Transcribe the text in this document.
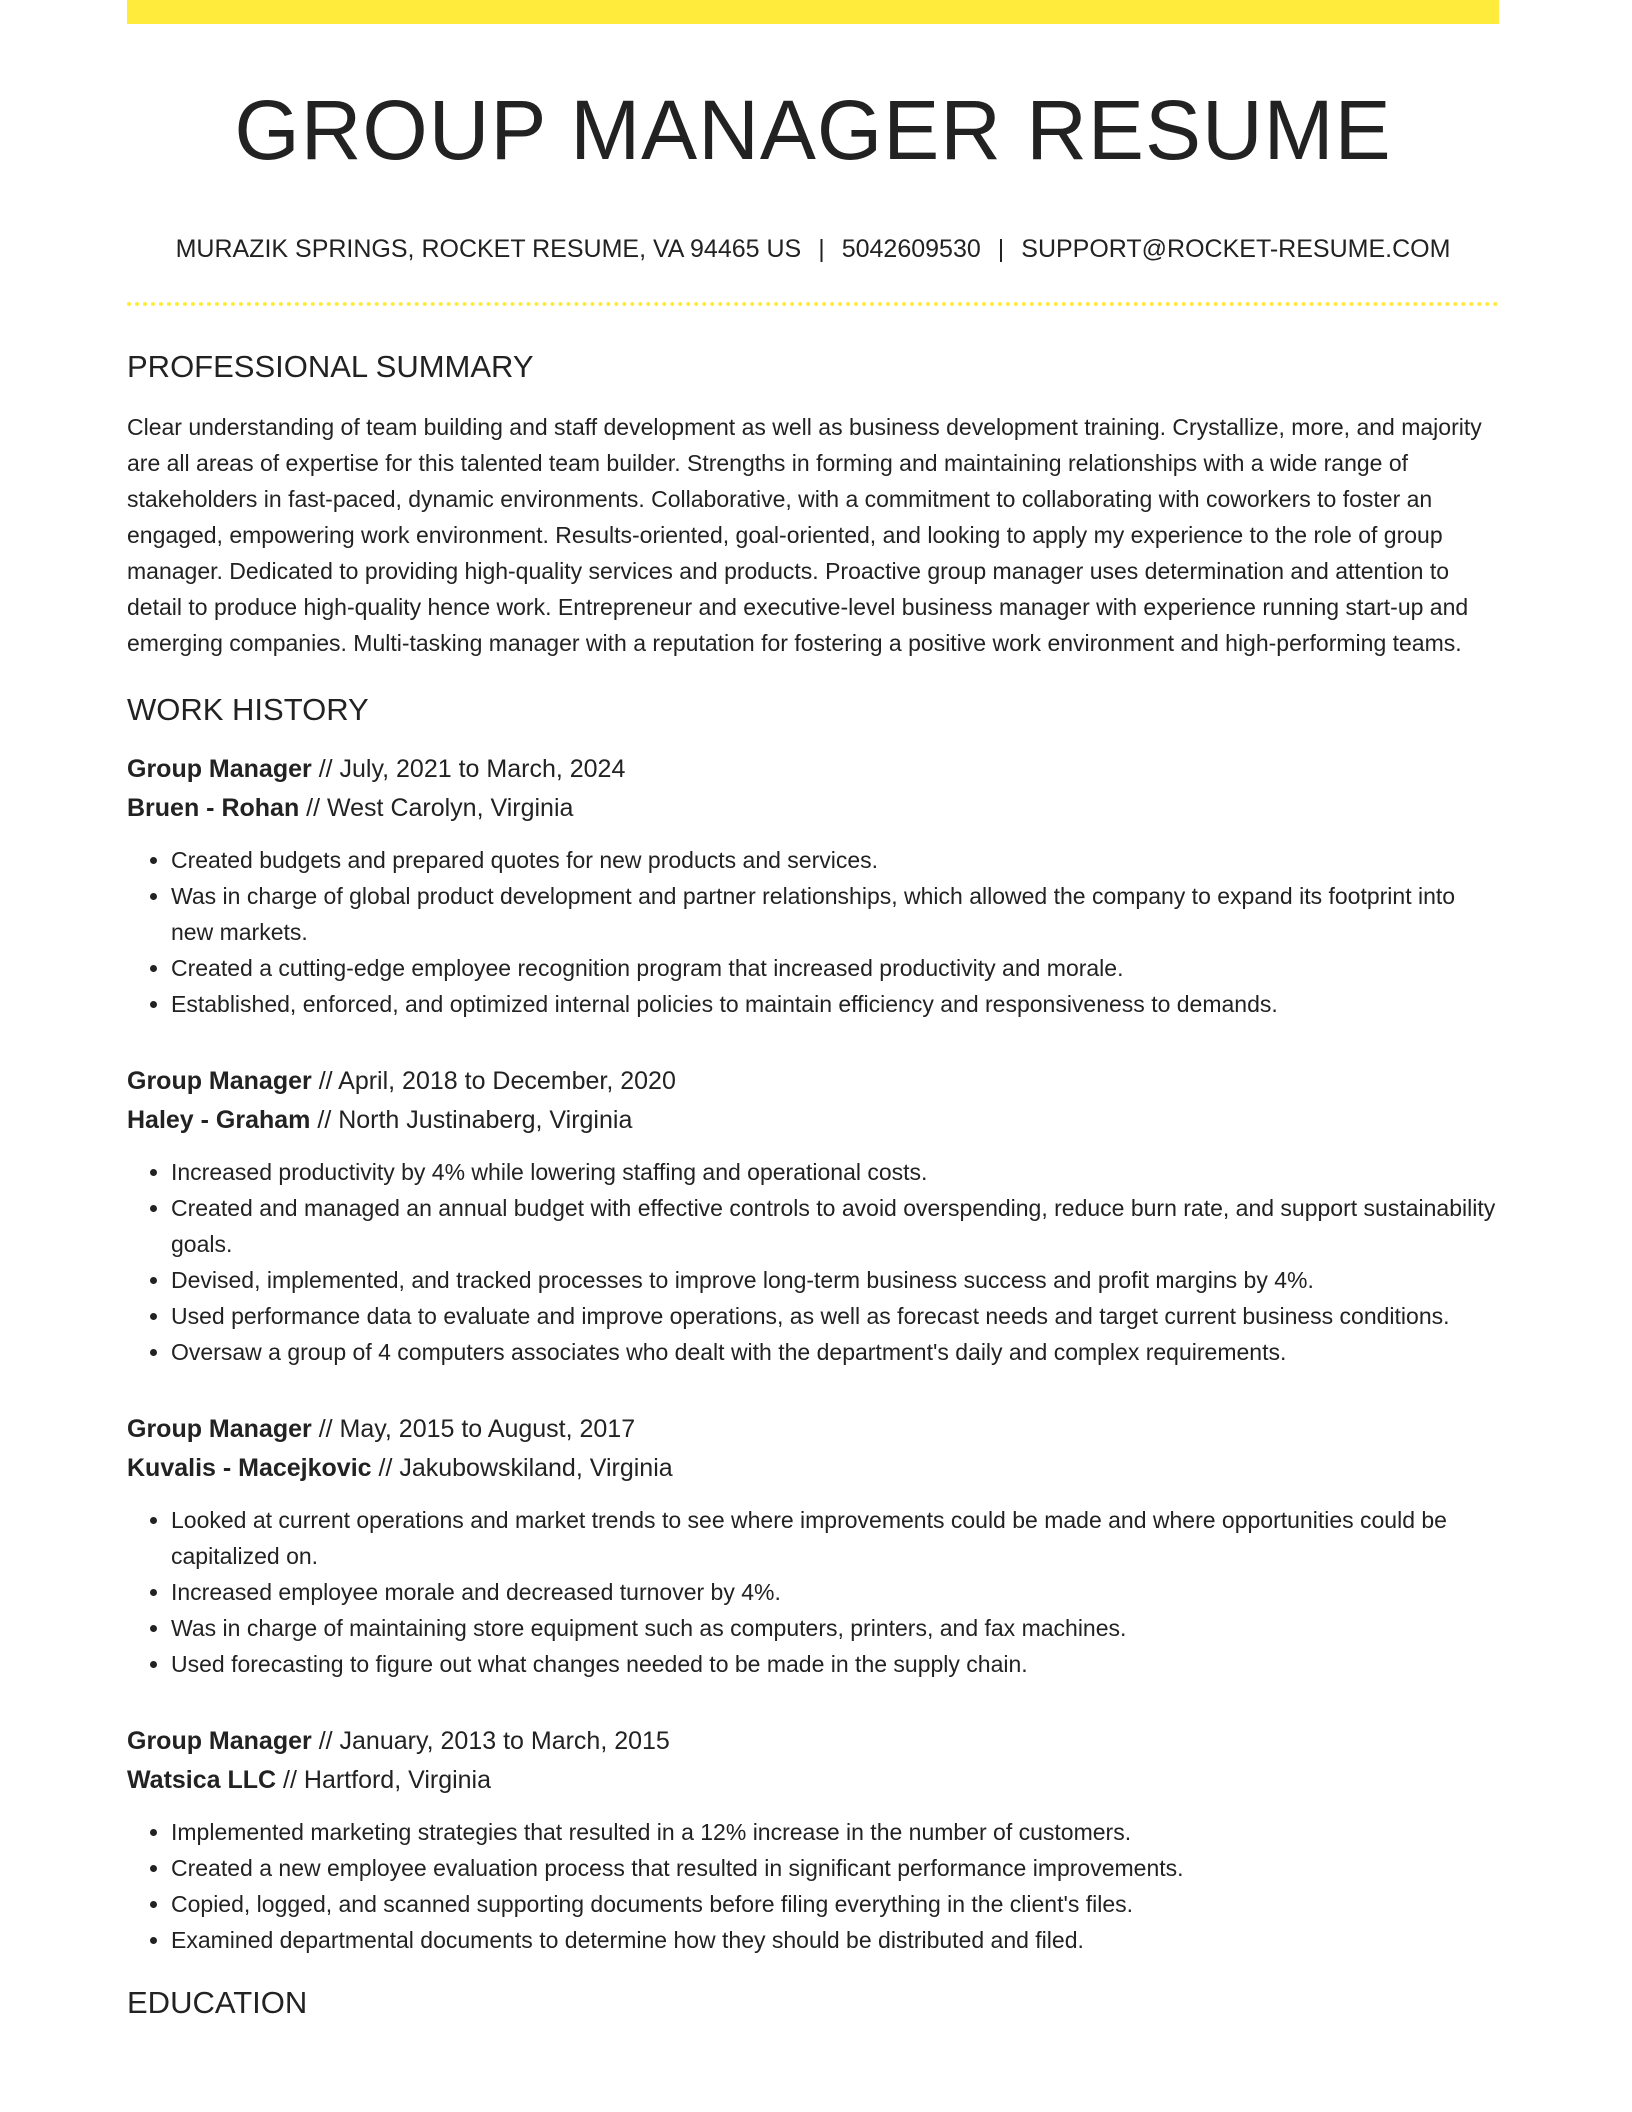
GROUP MANAGER RESUME
MURAZIK SPRINGS, ROCKET RESUME, VA 94465 US | 5042609530 | SUPPORT@ROCKET-RESUME.COM
PROFESSIONAL SUMMARY
Clear understanding of team building and staff development as well as business development training. Crystallize, more, and majority are all areas of expertise for this talented team builder. Strengths in forming and maintaining relationships with a wide range of stakeholders in fast-paced, dynamic environments. Collaborative, with a commitment to collaborating with coworkers to foster an engaged, empowering work environment. Results-oriented, goal-oriented, and looking to apply my experience to the role of group manager. Dedicated to providing high-quality services and products. Proactive group manager uses determination and attention to detail to produce high-quality hence work. Entrepreneur and executive-level business manager with experience running start-up and emerging companies. Multi-tasking manager with a reputation for fostering a positive work environment and high-performing teams.
WORK HISTORY
Group Manager // July, 2021 to March, 2024
Bruen - Rohan // West Carolyn, Virginia
• Created budgets and prepared quotes for new products and services.
• Was in charge of global product development and partner relationships, which allowed the company to expand its footprint into new markets.
• Created a cutting-edge employee recognition program that increased productivity and morale.
• Established, enforced, and optimized internal policies to maintain efficiency and responsiveness to demands.
Group Manager // April, 2018 to December, 2020
Haley - Graham // North Justinaberg, Virginia
• Increased productivity by 4% while lowering staffing and operational costs.
• Created and managed an annual budget with effective controls to avoid overspending, reduce burn rate, and support sustainability goals.
• Devised, implemented, and tracked processes to improve long-term business success and profit margins by 4%.
• Used performance data to evaluate and improve operations, as well as forecast needs and target current business conditions.
• Oversaw a group of 4 computers associates who dealt with the department's daily and complex requirements.
Group Manager // May, 2015 to August, 2017
Kuvalis - Macejkovic // Jakubowskiland, Virginia
• Looked at current operations and market trends to see where improvements could be made and where opportunities could be capitalized on.
• Increased employee morale and decreased turnover by 4%.
• Was in charge of maintaining store equipment such as computers, printers, and fax machines.
• Used forecasting to figure out what changes needed to be made in the supply chain.
Group Manager // January, 2013 to March, 2015
Watsica LLC // Hartford, Virginia
• Implemented marketing strategies that resulted in a 12% increase in the number of customers.
• Created a new employee evaluation process that resulted in significant performance improvements.
• Copied, logged, and scanned supporting documents before filing everything in the client's files.
• Examined departmental documents to determine how they should be distributed and filed.
EDUCATION
